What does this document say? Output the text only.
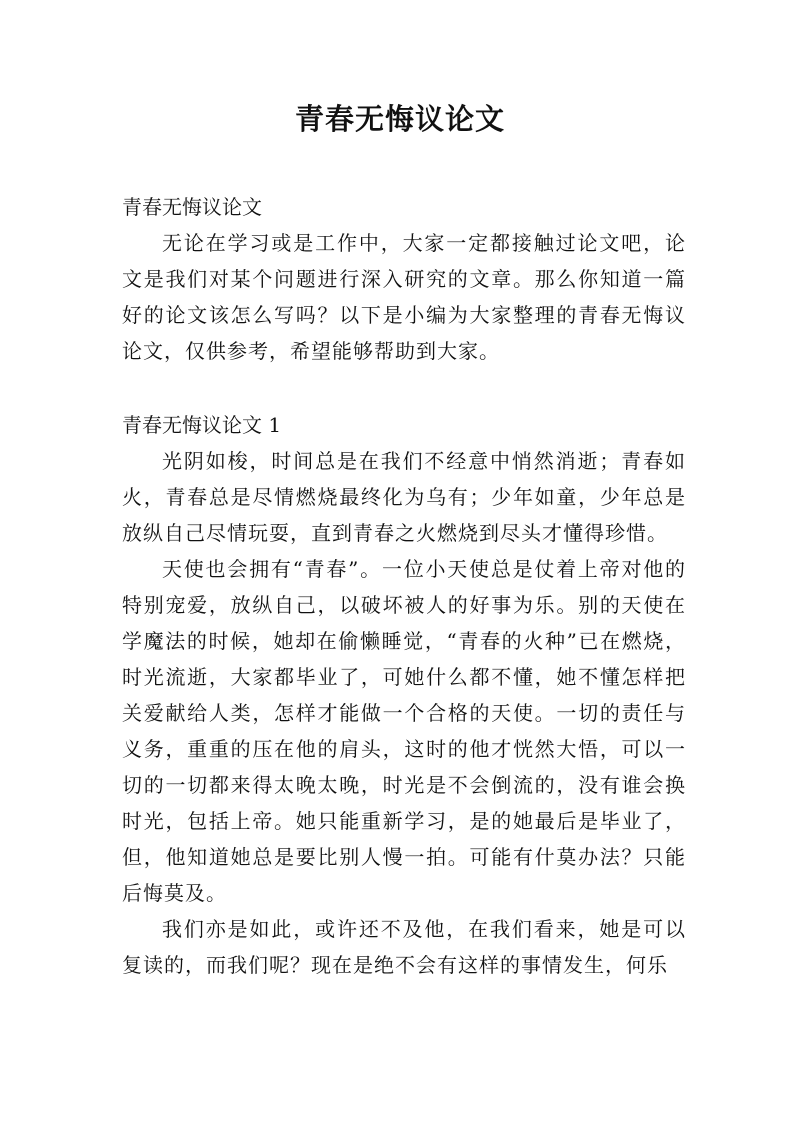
青春无悔议论文
青春无悔议论文

无论在学习或是工作中，大家一定都接触过论文吧，论文是我们对某个问题进行深入研究的文章。那么你知道一篇好的论文该怎么写吗？以下是小编为大家整理的青春无悔议论文，仅供参考，希望能够帮助到大家。

青春无悔议论文 1

光阴如梭，时间总是在我们不经意中悄然消逝；青春如火，青春总是尽情燃烧最终化为乌有；少年如童，少年总是放纵自己尽情玩耍，直到青春之火燃烧到尽头才懂得珍惜。

天使也会拥有“青春”。一位小天使总是仗着上帝对他的特别宠爱，放纵自己，以破坏被人的好事为乐。别的天使在学魔法的时候，她却在偷懒睡觉，“青春的火种”已在燃烧，时光流逝，大家都毕业了，可她什么都不懂，她不懂怎样把关爱献给人类，怎样才能做一个合格的天使。一切的责任与义务，重重的压在他的肩头，这时的他才恍然大悟，可以一切的一切都来得太晚太晚，时光是不会倒流的，没有谁会换时光，包括上帝。她只能重新学习，是的她最后是毕业了，但，他知道她总是要比别人慢一拍。可能有什莫办法？只能后悔莫及。

我们亦是如此，或许还不及他，在我们看来，她是可以复读的，而我们呢？现在是绝不会有这样的事情发生，何乐
